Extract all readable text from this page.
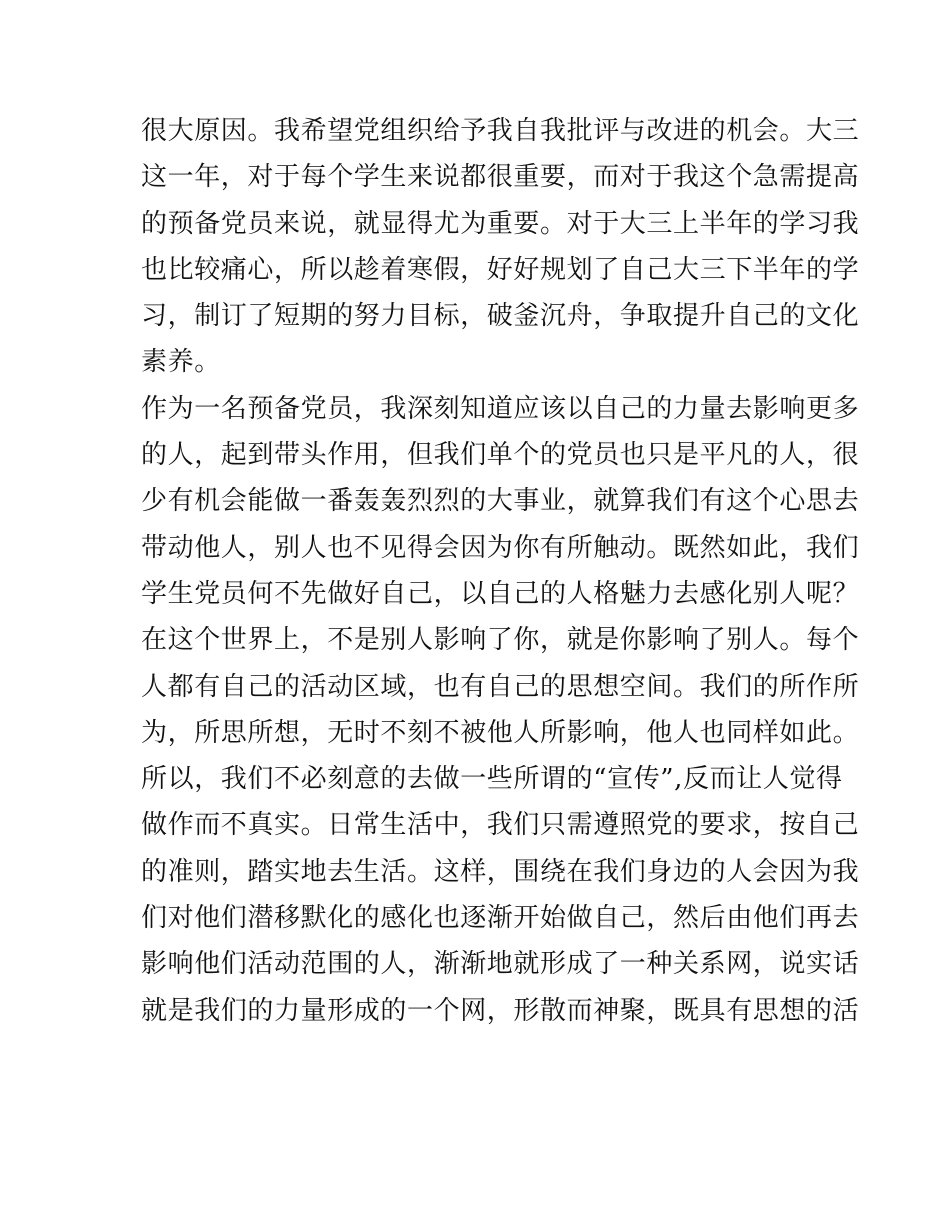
很大原因。我希望党组织给予我自我批评与改进的机会。大三
这一年，对于每个学生来说都很重要，而对于我这个急需提高
的预备党员来说，就显得尤为重要。对于大三上半年的学习我
也比较痛心，所以趁着寒假，好好规划了自己大三下半年的学
习，制订了短期的努力目标，破釜沉舟，争取提升自己的文化
素养。
作为一名预备党员，我深刻知道应该以自己的力量去影响更多
的人，起到带头作用，但我们单个的党员也只是平凡的人，很
少有机会能做一番轰轰烈烈的大事业，就算我们有这个心思去
带动他人，别人也不见得会因为你有所触动。既然如此，我们
学生党员何不先做好自己，以自己的人格魅力去感化别人呢？
在这个世界上，不是别人影响了你，就是你影响了别人。每个
人都有自己的活动区域，也有自己的思想空间。我们的所作所
为，所思所想，无时不刻不被他人所影响，他人也同样如此。
所以，我们不必刻意的去做一些所谓的“宣传”,反而让人觉得
做作而不真实。日常生活中，我们只需遵照党的要求，按自己
的准则，踏实地去生活。这样，围绕在我们身边的人会因为我
们对他们潜移默化的感化也逐渐开始做自己，然后由他们再去
影响他们活动范围的人，渐渐地就形成了一种关系网，说实话
就是我们的力量形成的一个网，形散而神聚，既具有思想的活
